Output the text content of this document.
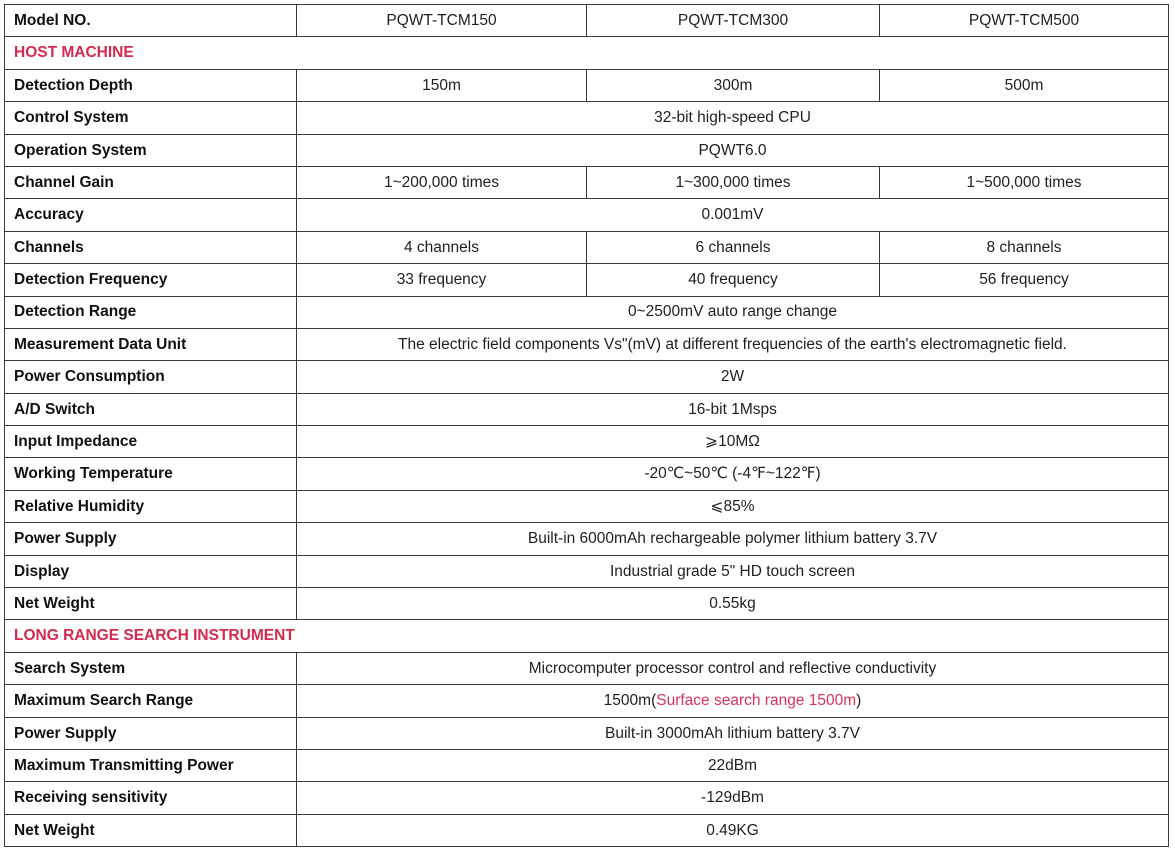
Model NO.	PQWT-TCM150	PQWT-TCM300	PQWT-TCM500
HOST MACHINE			
Detection Depth	150m	300m	500m
Control System	32-bit high-speed CPU		
Operation System	PQWT6.0		
Channel Gain	1~200,000 times	1~300,000 times	1~500,000 times
Accuracy	0.001mV		
Channels	4 channels	6 channels	8 channels
Detection Frequency	33 frequency	40 frequency	56 frequency
Detection Range	0~2500mV auto range change		
Measurement Data Unit	The electric field components Vs"(mV) at different frequencies of the earth's electromagnetic field.		
Power Consumption	2W		
A/D Switch	16-bit 1Msps		
Input Impedance	⩾10MΩ		
Working Temperature	-20℃~50℃ (-4℉~122℉)		
Relative Humidity	⩽85%		
Power Supply	Built-in 6000mAh rechargeable polymer lithium battery 3.7V		
Display	Industrial grade 5" HD touch screen		
Net Weight	0.55kg		
LONG RANGE SEARCH INSTRUMENT			
Search System	Microcomputer processor control and reflective conductivity		
Maximum Search Range	1500m(Surface search range 1500m)		
Power Supply	Built-in 3000mAh lithium battery 3.7V		
Maximum Transmitting Power	22dBm		
Receiving sensitivity	-129dBm		
Net Weight	0.49KG		
